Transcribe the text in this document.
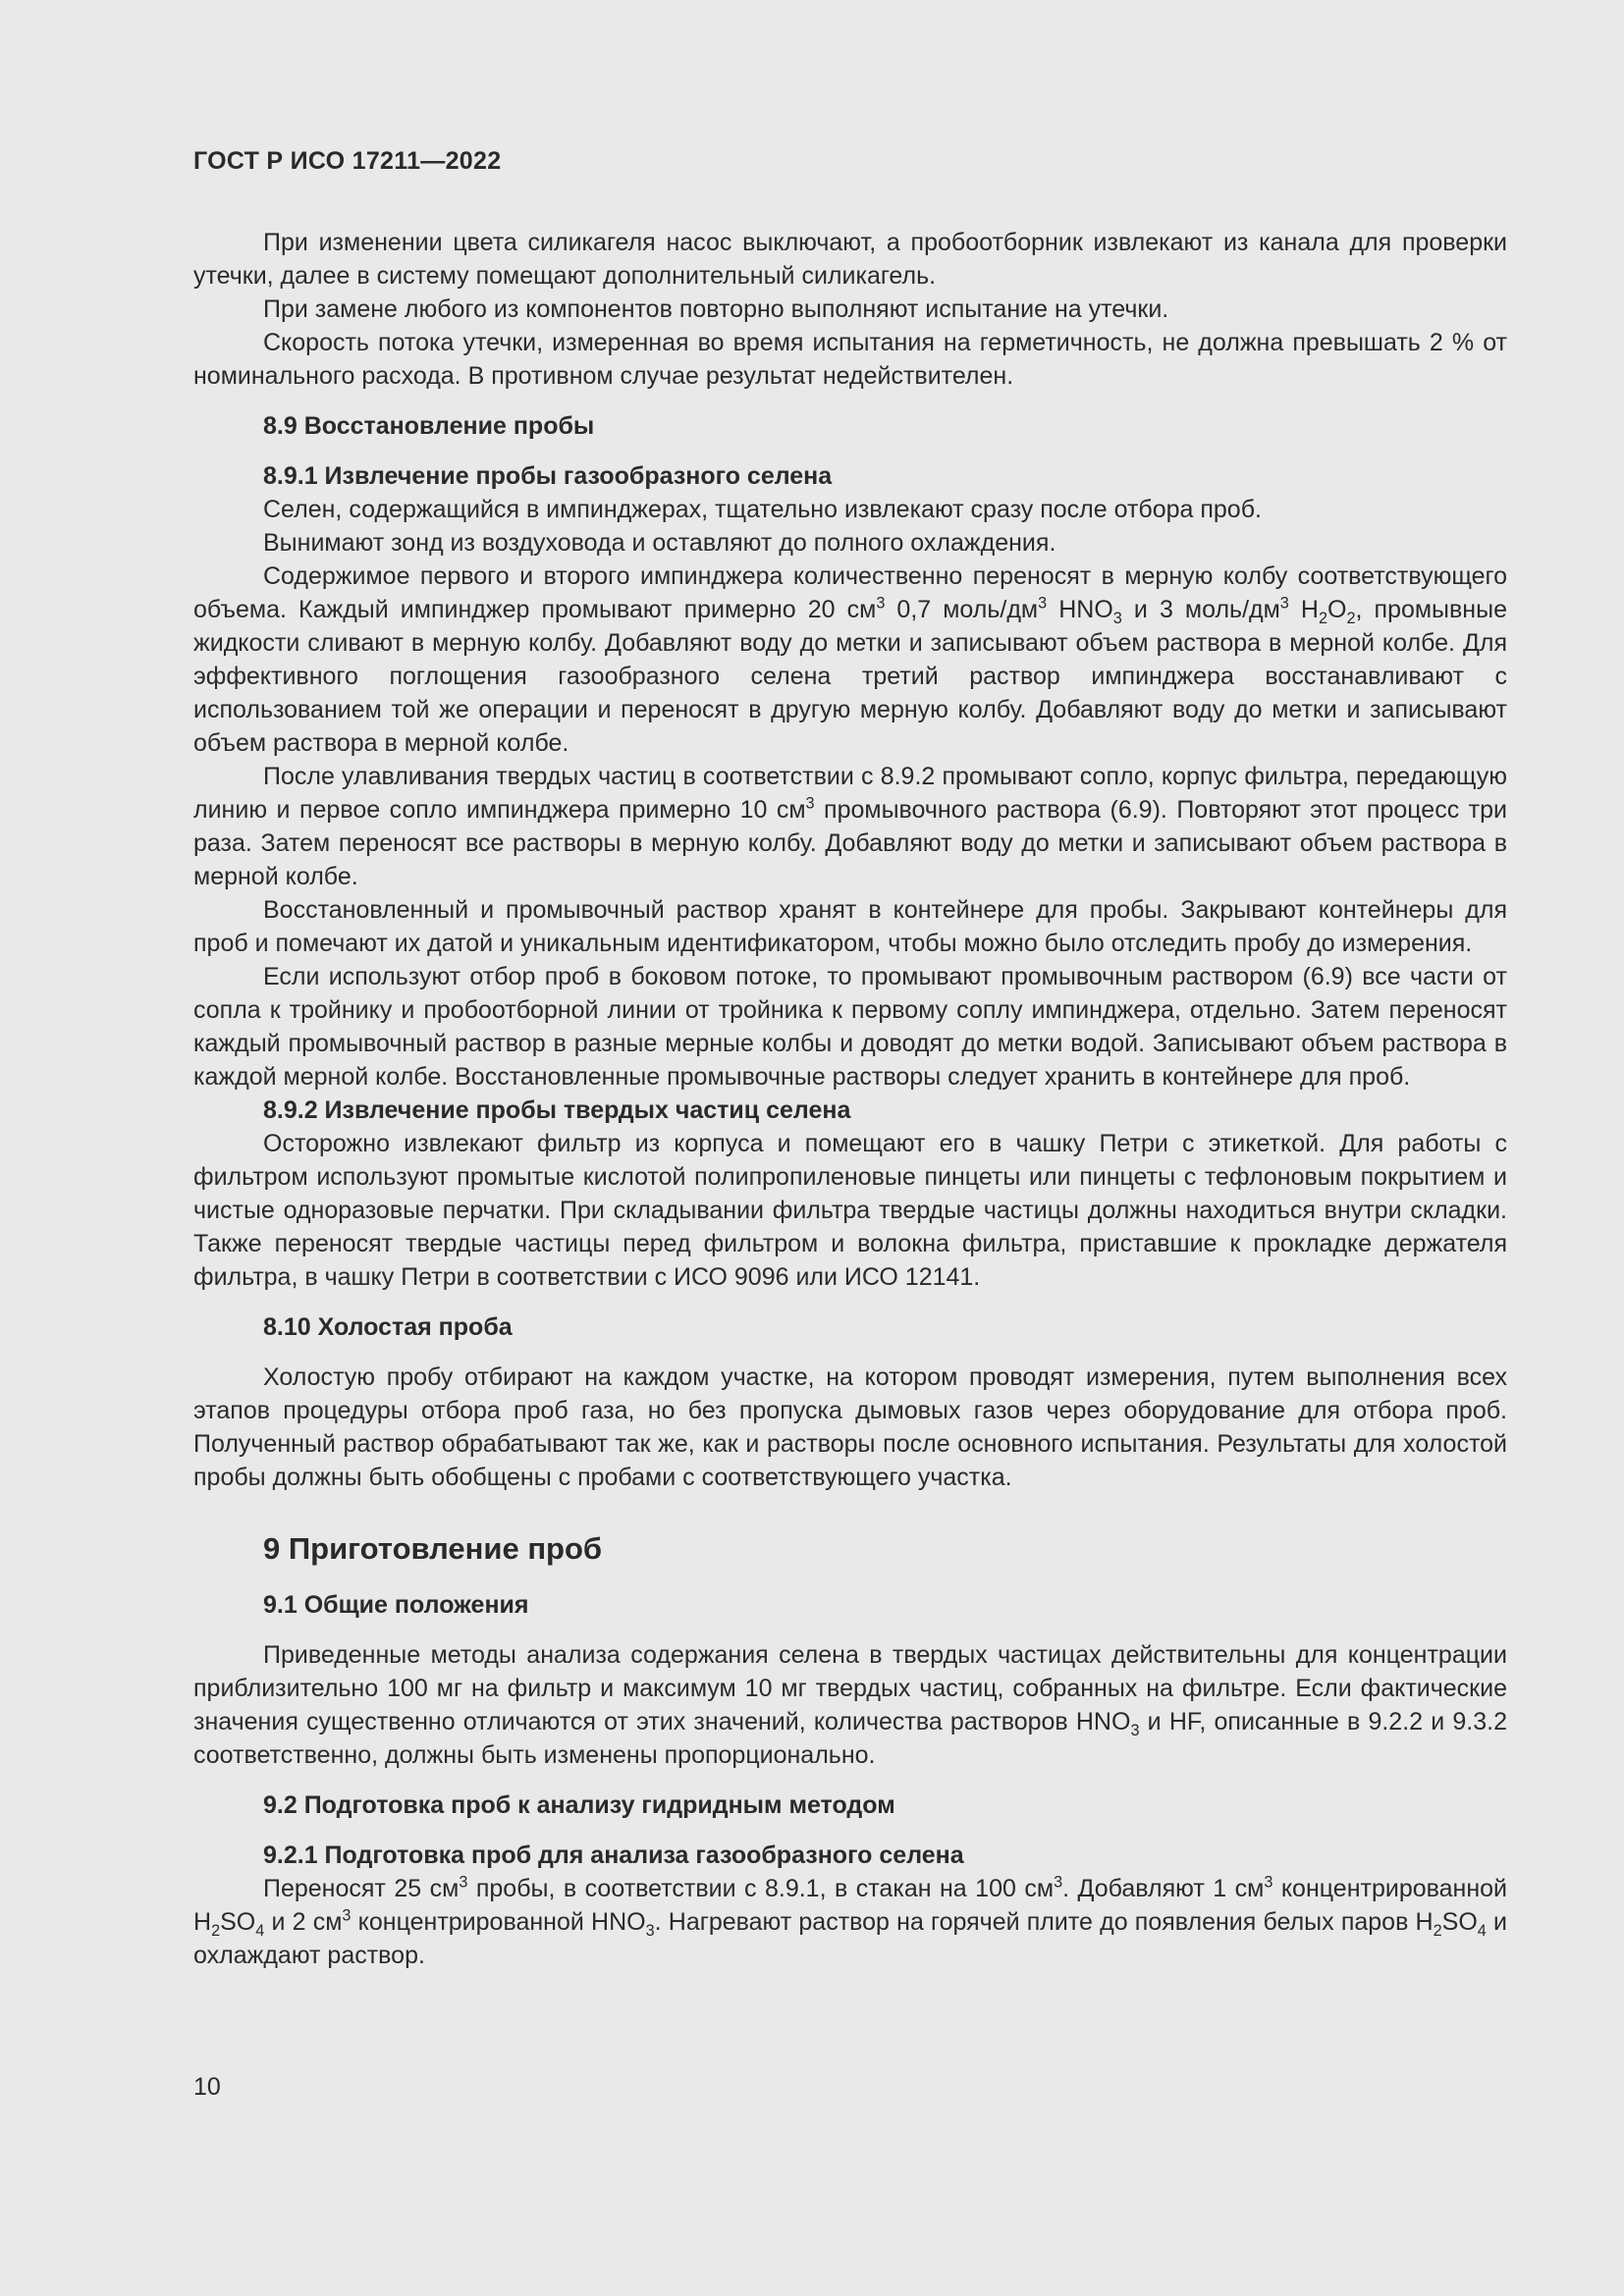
ГОСТ Р ИСО 17211—2022

При изменении цвета силикагеля насос выключают, а пробоотборник извлекают из канала для проверки утечки, далее в систему помещают дополнительный силикагель.

При замене любого из компонентов повторно выполняют испытание на утечки.

Скорость потока утечки, измеренная во время испытания на герметичность, не должна превышать 2 % от номинального расхода. В противном случае результат недействителен.

8.9 Восстановление пробы
8.9.1 Извлечение пробы газообразного селена

Селен, содержащийся в импинджерах, тщательно извлекают сразу после отбора проб.

Вынимают зонд из воздуховода и оставляют до полного охлаждения.

Содержимое первого и второго импинджера количественно переносят в мерную колбу соответствующего объема. Каждый импинджер промывают примерно 20 $см^3$ 0,7 моль/$дм^3$ $HNO_3$ и 3 моль/$дм^3$ $H_2O_2$, промывные жидкости сливают в мерную колбу. Добавляют воду до метки и записывают объем раствора в мерной колбе. Для эффективного поглощения газообразного селена третий раствор импинджера восстанавливают с использованием той же операции и переносят в другую мерную колбу. Добавляют воду до метки и записывают объем раствора в мерной колбе.

После улавливания твердых частиц в соответствии с 8.9.2 промывают сопло, корпус фильтра, передающую линию и первое сопло импинджера примерно 10 $см^3$ промывочного раствора (6.9). Повторяют этот процесс три раза. Затем переносят все растворы в мерную колбу. Добавляют воду до метки и записывают объем раствора в мерной колбе.

Восстановленный и промывочный раствор хранят в контейнере для пробы. Закрывают контейнеры для проб и помечают их датой и уникальным идентификатором, чтобы можно было отследить пробу до измерения.

Если используют отбор проб в боковом потоке, то промывают промывочным раствором (6.9) все части от сопла к тройнику и пробоотборной линии от тройника к первому соплу импинджера, отдельно. Затем переносят каждый промывочный раствор в разные мерные колбы и доводят до метки водой. Записывают объем раствора в каждой мерной колбе. Восстановленные промывочные растворы следует хранить в контейнере для проб.

8.9.2 Извлечение пробы твердых частиц селена

Осторожно извлекают фильтр из корпуса и помещают его в чашку Петри с этикеткой. Для работы с фильтром используют промытые кислотой полипропиленовые пинцеты или пинцеты с тефлоновым покрытием и чистые одноразовые перчатки. При складывании фильтра твердые частицы должны находиться внутри складки. Также переносят твердые частицы перед фильтром и волокна фильтра, приставшие к прокладке держателя фильтра, в чашку Петри в соответствии с ИСО 9096 или ИСО 12141.

8.10 Холостая проба

Холостую пробу отбирают на каждом участке, на котором проводят измерения, путем выполнения всех этапов процедуры отбора проб газа, но без пропуска дымовых газов через оборудование для отбора проб. Полученный раствор обрабатывают так же, как и растворы после основного испытания. Результаты для холостой пробы должны быть обобщены с пробами с соответствующего участка.

9 Приготовление проб
9.1 Общие положения

Приведенные методы анализа содержания селена в твердых частицах действительны для концентрации приблизительно 100 мг на фильтр и максимум 10 мг твердых частиц, собранных на фильтре. Если фактические значения существенно отличаются от этих значений, количества растворов $HNO_3$ и HF, описанные в 9.2.2 и 9.3.2 соответственно, должны быть изменены пропорционально.

9.2 Подготовка проб к анализу гидридным методом
9.2.1 Подготовка проб для анализа газообразного селена

Переносят 25 $см^3$ пробы, в соответствии с 8.9.1, в стакан на 100 $см^3$. Добавляют 1 $см^3$ концентрированной $H_2SO_4$ и 2 $см^3$ концентрированной $HNO_3$. Нагревают раствор на горячей плите до появления белых паров $H_2SO_4$ и охлаждают раствор.

10
